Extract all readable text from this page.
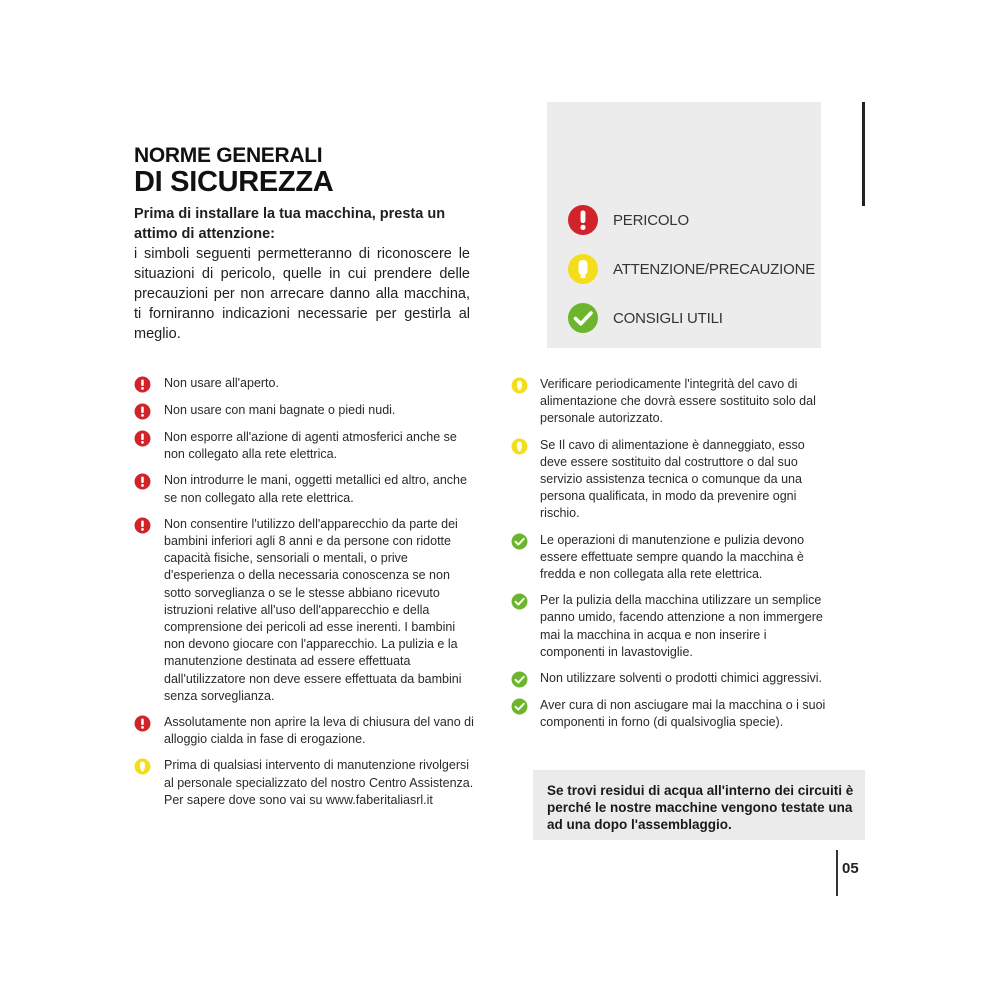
NORME GENERALI
DI SICUREZZA
Prima di installare la tua macchina, presta un attimo di attenzione:
i simboli seguenti permetteranno di riconoscere le situazioni di pericolo, quelle in cui prendere delle precauzioni per non arrecare danno alla macchina, ti forniranno indicazioni necessarie per gestirla al meglio.
PERICOLO
ATTENZIONE/PRECAUZIONE
CONSIGLI UTILI
Non usare all'aperto.
Non usare con mani bagnate o piedi nudi.
Non esporre all'azione di agenti atmosferici anche se non collegato alla rete elettrica.
Non introdurre le mani, oggetti metallici ed altro, anche se non collegato alla rete elettrica.
Non consentire l'utilizzo dell'apparecchio da parte dei bambini inferiori agli 8 anni e da persone con ridotte capacità fisiche, sensoriali o mentali, o prive d'esperienza o della necessaria conoscenza se non sotto sorveglianza o se le stesse abbiano ricevuto istruzioni relative all'uso dell'apparecchio e della comprensione dei pericoli ad esse inerenti. I bambini non devono giocare con l'apparecchio. La pulizia e la manutenzione destinata ad essere effettuata dall'utilizzatore non deve essere effettuata da bambini senza sorveglianza.
Assolutamente non aprire la leva di chiusura del vano di alloggio cialda in fase di erogazione.
Prima di qualsiasi intervento di manutenzione rivolgersi al personale specializzato del nostro Centro Assistenza. Per sapere dove sono vai su www.faberitaliasrl.it
Verificare periodicamente l'integrità del cavo di alimentazione che dovrà essere sostituito solo dal personale autorizzato.
Se Il cavo di alimentazione è danneggiato, esso deve essere sostituito dal costruttore o dal suo servizio assistenza tecnica o comunque da una persona qualificata, in modo da prevenire ogni rischio.
Le operazioni di manutenzione e pulizia devono essere effettuate sempre quando la macchina è fredda e non collegata alla rete elettrica.
Per la pulizia della macchina utilizzare un semplice panno umido, facendo attenzione a non immergere mai la macchina in acqua e non inserire i componenti in lavastoviglie.
Non utilizzare solventi o prodotti chimici aggressivi.
Aver cura di non asciugare mai la macchina o i suoi componenti in forno (di qualsivoglia specie).
Se trovi residui di acqua all'interno dei circuiti è perché le nostre macchine vengono testate una ad una dopo l'assemblaggio.
05
